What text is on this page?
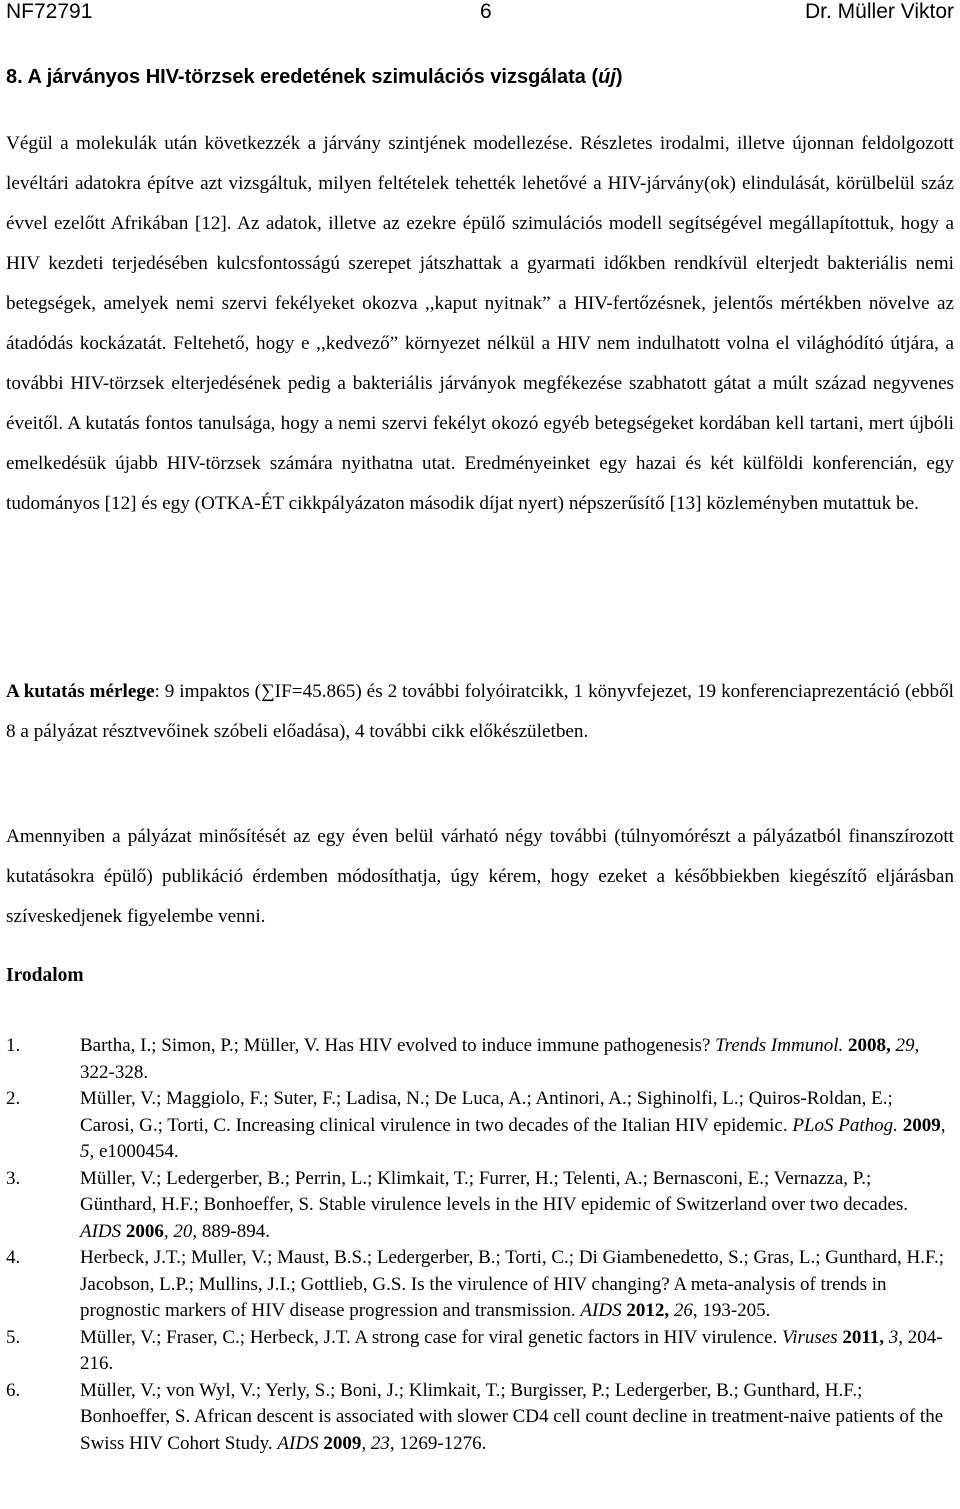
NF72791	6	Dr. Müller Viktor
8. A járványos HIV-törzsek eredetének szimulációs vizsgálata (új)

Végül a molekulák után következzék a járvány szintjének modellezése. Részletes irodalmi, illetve újonnan feldolgozott levéltári adatokra építve azt vizsgáltuk, milyen feltételek tehették lehetővé a HIV-járvány(ok) elindulását, körülbelül száz évvel ezelőtt Afrikában [12]. Az adatok, illetve az ezekre épülő szimulációs modell segítségével megállapítottuk, hogy a HIV kezdeti terjedésében kulcsfontosságú szerepet játszhattak a gyarmati időkben rendkívül elterjedt bakteriális nemi betegségek, amelyek nemi szervi fekélyeket okozva ,,kaput nyitnak” a HIV-fertőzésnek, jelentős mértékben növelve az átadódás kockázatát. Feltehető, hogy e ,,kedvező” környezet nélkül a HIV nem indulhatott volna el világhódító útjára, a további HIV-törzsek elterjedésének pedig a bakteriális járványok megfékezése szabhatott gátat a múlt század negyvenes éveitől. A kutatás fontos tanulsága, hogy a nemi szervi fekélyt okozó egyéb betegségeket kordában kell tartani, mert újbóli emelkedésük újabb HIV-törzsek számára nyithatna utat. Eredményeinket egy hazai és két külföldi konferencián, egy tudományos [12] és egy (OTKA-ÉT cikkpályázaton második díjat nyert) népszerűsítő [13] közleményben mutattuk be.

A kutatás mérlege: 9 impaktos (∑IF=45.865) és 2 további folyóiratcikk, 1 könyvfejezet, 19 konferenciaprezentáció (ebből 8 a pályázat résztvevőinek szóbeli előadása), 4 további cikk előkészületben.

Amennyiben a pályázat minősítését az egy éven belül várható négy további (túlnyomórészt a pályázatból finanszírozott kutatásokra épülő) publikáció érdemben módosíthatja, úgy kérem, hogy ezeket a későbbiekben kiegészítő eljárásban szíveskedjenek figyelembe venni.

Irodalom
1.	Bartha, I.; Simon, P.; Müller, V. Has HIV evolved to induce immune pathogenesis? Trends Immunol. 2008, 29, 322-328.
2.	Müller, V.; Maggiolo, F.; Suter, F.; Ladisa, N.; De Luca, A.; Antinori, A.; Sighinolfi, L.; Quiros-Roldan, E.; Carosi, G.; Torti, C. Increasing clinical virulence in two decades of the Italian HIV epidemic. PLoS Pathog. 2009, 5, e1000454.
3.	Müller, V.; Ledergerber, B.; Perrin, L.; Klimkait, T.; Furrer, H.; Telenti, A.; Bernasconi, E.; Vernazza, P.; Günthard, H.F.; Bonhoeffer, S. Stable virulence levels in the HIV epidemic of Switzerland over two decades. AIDS 2006, 20, 889-894.
4.	Herbeck, J.T.; Muller, V.; Maust, B.S.; Ledergerber, B.; Torti, C.; Di Giambenedetto, S.; Gras, L.; Gunthard, H.F.; Jacobson, L.P.; Mullins, J.I.; Gottlieb, G.S. Is the virulence of HIV changing? A meta-analysis of trends in prognostic markers of HIV disease progression and transmission. AIDS 2012, 26, 193-205.
5.	Müller, V.; Fraser, C.; Herbeck, J.T. A strong case for viral genetic factors in HIV virulence. Viruses 2011, 3, 204-216.
6.	Müller, V.; von Wyl, V.; Yerly, S.; Boni, J.; Klimkait, T.; Burgisser, P.; Ledergerber, B.; Gunthard, H.F.; Bonhoeffer, S. African descent is associated with slower CD4 cell count decline in treatment-naive patients of the Swiss HIV Cohort Study. AIDS 2009, 23, 1269-1276.
